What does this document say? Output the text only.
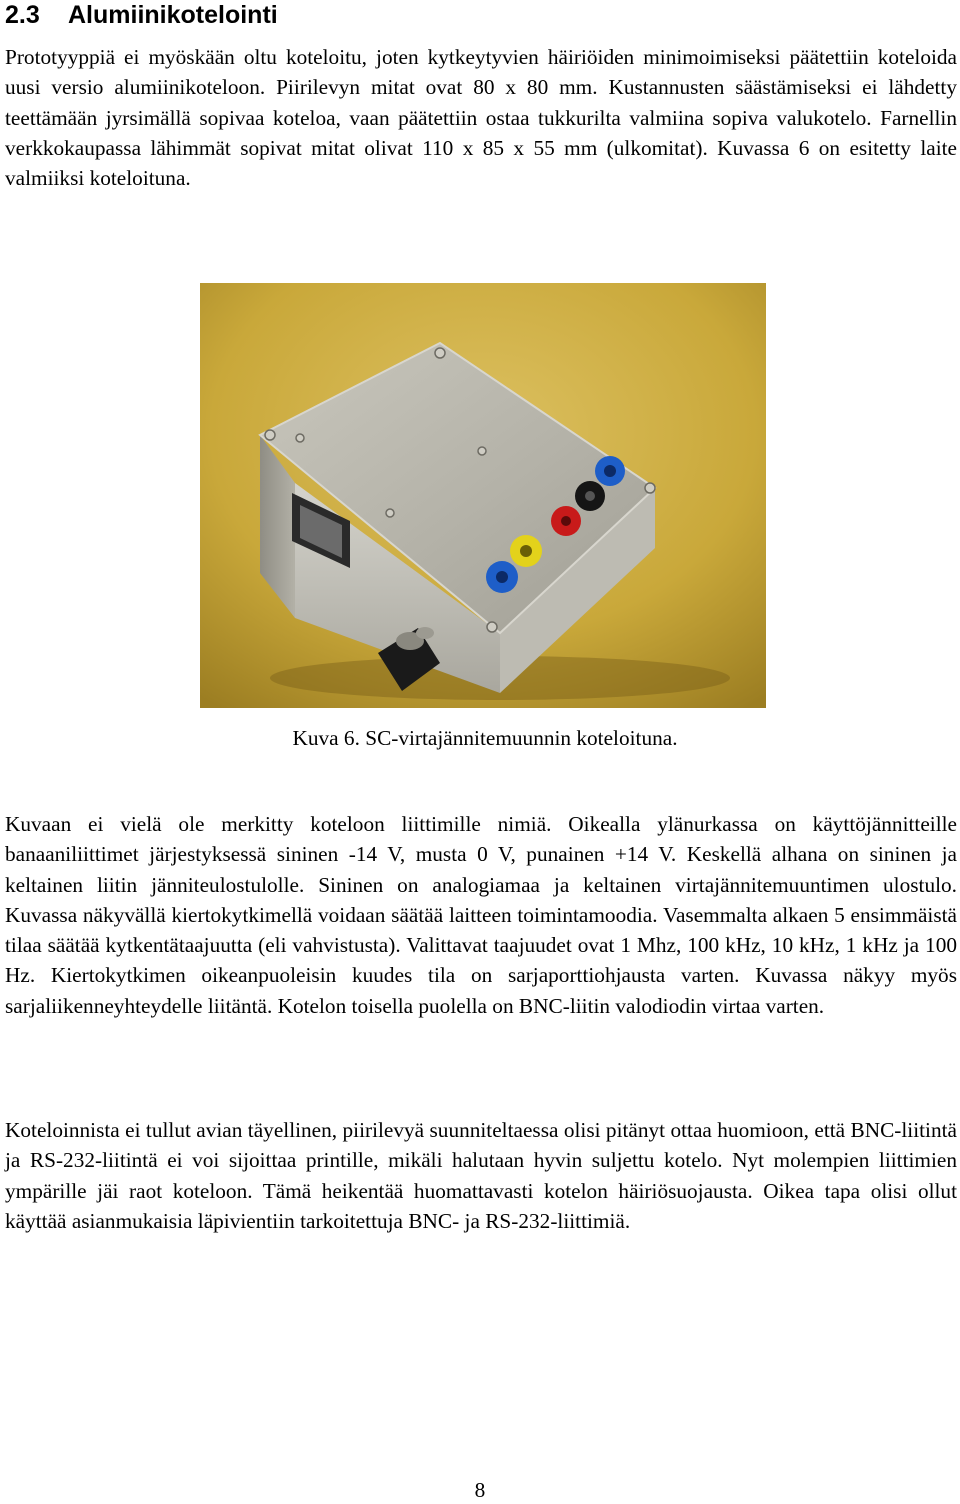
2.3 Alumiinikotelointi

Prototyyppiä ei myöskään oltu koteloitu, joten kytkeytyvien häiriöiden minimoimiseksi päätettiin koteloida uusi versio alumiinikoteloon. Piirilevyn mitat ovat 80 x 80 mm. Kustannusten säästämiseksi ei lähdetty teettämään jyrsimällä sopivaa koteloa, vaan päätettiin ostaa tukkurilta valmiina sopiva valukotelo. Farnellin verkkokaupassa lähimmät sopivat mitat olivat 110 x 85 x 55 mm (ulkomitat). Kuvassa 6 on esitetty laite valmiiksi koteloituna.

Kuva 6. SC-virtajännitemuunnin koteloituna.

Kuvaan ei vielä ole merkitty koteloon liittimille nimiä. Oikealla ylänurkassa on käyttöjännitteille banaaniliittimet järjestyksessä sininen -14 V, musta 0 V, punainen +14 V. Keskellä alhana on sininen ja keltainen liitin jänniteulostulolle. Sininen on analogiamaa ja keltainen virtajännitemuuntimen ulostulo. Kuvassa näkyvällä kiertokytkimellä voidaan säätää laitteen toimintamoodia. Vasemmalta alkaen 5 ensimmäistä tilaa säätää kytkentätaajuutta (eli vahvistusta). Valittavat taajuudet ovat 1 Mhz, 100 kHz, 10 kHz, 1 kHz ja 100 Hz. Kiertokytkimen oikeanpuoleisin kuudes tila on sarjaporttiohjausta varten. Kuvassa näkyy myös sarjaliikenneyhteydelle liitäntä. Kotelon toisella puolella on BNC-liitin valodiodin virtaa varten.

Koteloinnista ei tullut avian täyellinen, piirilevyä suunniteltaessa olisi pitänyt ottaa huomioon, että BNC-liitintä ja RS-232-liitintä ei voi sijoittaa printille, mikäli halutaan hyvin suljettu kotelo. Nyt molempien liittimien ympärille jäi raot koteloon. Tämä heikentää huomattavasti kotelon häiriösuojausta. Oikea tapa olisi ollut käyttää asianmukaisia läpivientiin tarkoitettuja BNC- ja RS-232-liittimiä.

8
